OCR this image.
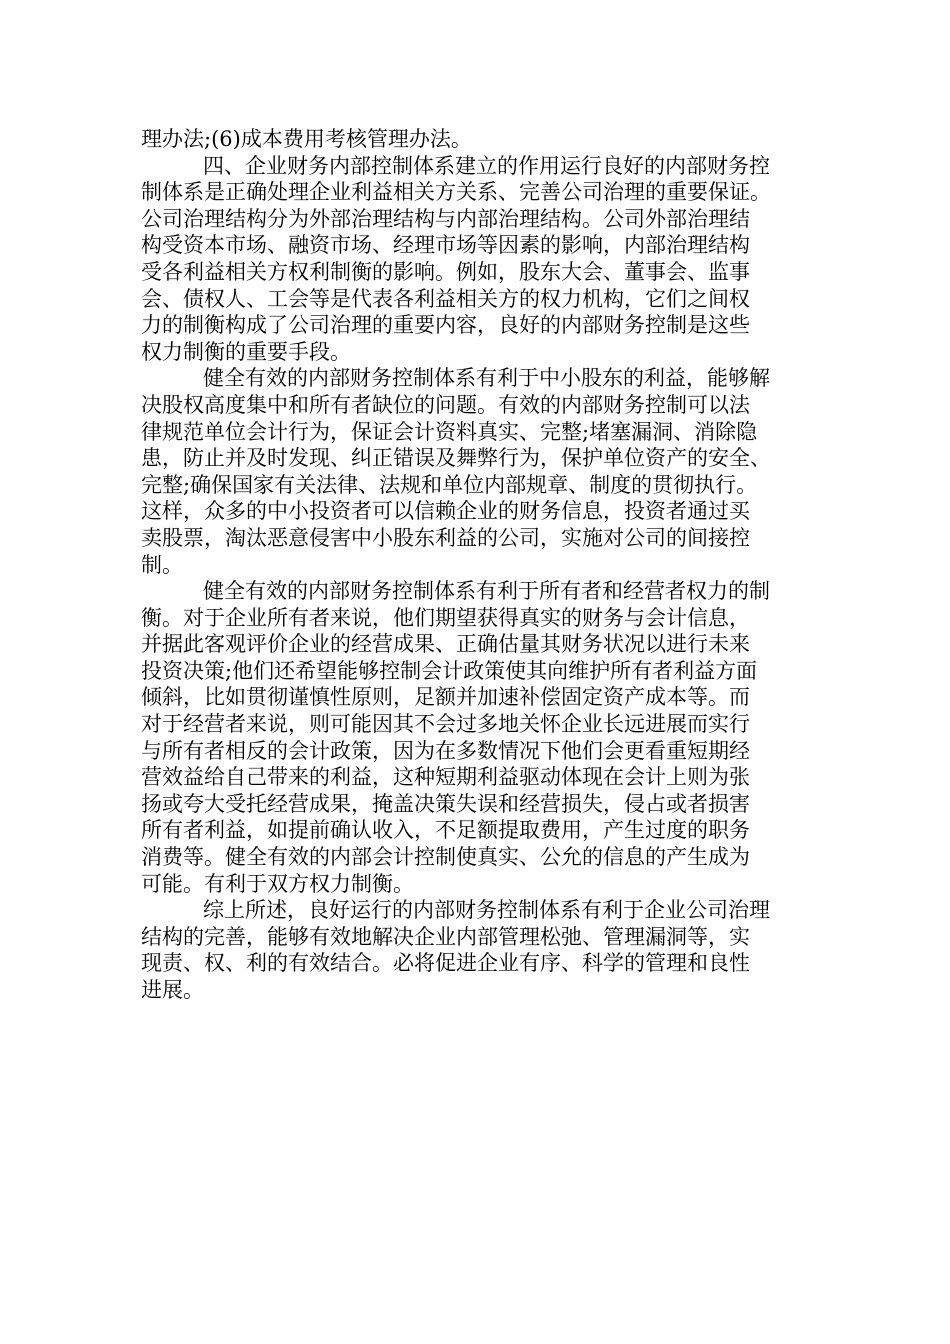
理办法;(6)成本费用考核管理办法。
四、企业财务内部控制体系建立的作用运行良好的内部财务控
制体系是正确处理企业利益相关方关系、完善公司治理的重要保证。
公司治理结构分为外部治理结构与内部治理结构。公司外部治理结
构受资本市场、融资市场、经理市场等因素的影响，内部治理结构
受各利益相关方权利制衡的影响。例如，股东大会、董事会、监事
会、债权人、工会等是代表各利益相关方的权力机构，它们之间权
力的制衡构成了公司治理的重要内容，良好的内部财务控制是这些
权力制衡的重要手段。
健全有效的内部财务控制体系有利于中小股东的利益，能够解
决股权高度集中和所有者缺位的问题。有效的内部财务控制可以法
律规范单位会计行为，保证会计资料真实、完整;堵塞漏洞、消除隐
患，防止并及时发现、纠正错误及舞弊行为，保护单位资产的安全、
完整;确保国家有关法律、法规和单位内部规章、制度的贯彻执行。
这样，众多的中小投资者可以信赖企业的财务信息，投资者通过买
卖股票，淘汰恶意侵害中小股东利益的公司，实施对公司的间接控
制。
健全有效的内部财务控制体系有利于所有者和经营者权力的制
衡。对于企业所有者来说，他们期望获得真实的财务与会计信息，
并据此客观评价企业的经营成果、正确估量其财务状况以进行未来
投资决策;他们还希望能够控制会计政策使其向维护所有者利益方面
倾斜，比如贯彻谨慎性原则，足额并加速补偿固定资产成本等。而
对于经营者来说，则可能因其不会过多地关怀企业长远进展而实行
与所有者相反的会计政策，因为在多数情况下他们会更看重短期经
营效益给自己带来的利益，这种短期利益驱动体现在会计上则为张
扬或夸大受托经营成果，掩盖决策失误和经营损失，侵占或者损害
所有者利益，如提前确认收入，不足额提取费用，产生过度的职务
消费等。健全有效的内部会计控制使真实、公允的信息的产生成为
可能。有利于双方权力制衡。
综上所述，良好运行的内部财务控制体系有利于企业公司治理
结构的完善，能够有效地解决企业内部管理松弛、管理漏洞等，实
现责、权、利的有效结合。必将促进企业有序、科学的管理和良性
进展。
